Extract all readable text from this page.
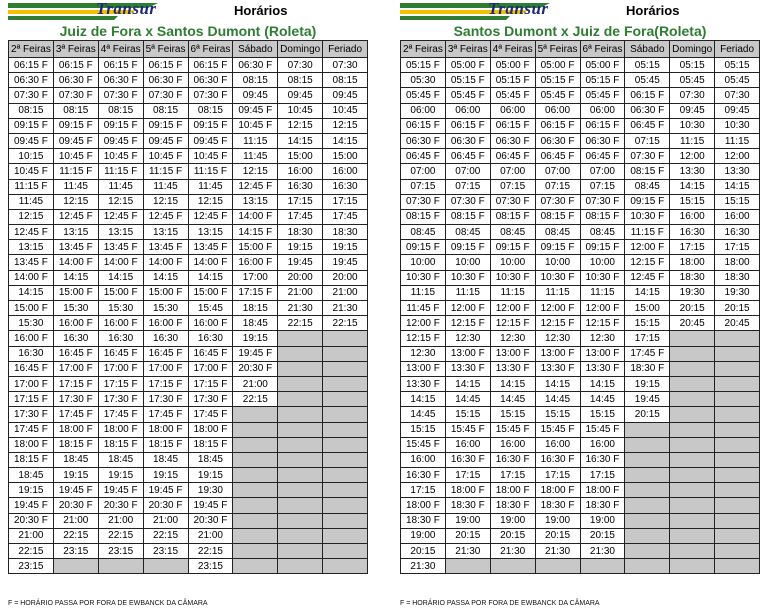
Transur	Horários
Juiz de Fora x Santos Dumont (Roleta)
2ª Feiras	3ª Feiras	4ª Feiras	5ª Feiras	6ª Feiras	Sábado	Domingo	Feriado
06:15 F	06:15 F	06:15 F	06:15 F	06:15 F	06:30 F	07:30	07:30
06:30 F	06:30 F	06:30 F	06:30 F	06:30 F	08:15	08:15	08:15
07:30 F	07:30 F	07:30 F	07:30 F	07:30 F	09:45	09:45	09:45
08:15	08:15	08:15	08:15	08:15	09:45 F	10:45	10:45
09:15 F	09:15 F	09:15 F	09:15 F	09:15 F	10:45 F	12:15	12:15
09:45 F	09:45 F	09:45 F	09:45 F	09:45 F	11:15	14:15	14:15
10:15	10:45 F	10:45 F	10:45 F	10:45 F	11:45	15:00	15:00
10:45 F	11:15 F	11:15 F	11:15 F	11:15 F	12:15	16:00	16:00
11:15 F	11:45	11:45	11:45	11:45	12:45 F	16:30	16:30
11:45	12:15	12:15	12:15	12:15	13:15	17:15	17:15
12:15	12:45 F	12:45 F	12:45 F	12:45 F	14:00 F	17:45	17:45
12:45 F	13:15	13:15	13:15	13:15	14:15 F	18:30	18:30
13:15	13:45 F	13:45 F	13:45 F	13:45 F	15:00 F	19:15	19:15
13:45 F	14:00 F	14:00 F	14:00 F	14:00 F	16:00 F	19:45	19:45
14:00 F	14:15	14:15	14:15	14:15	17:00	20:00	20:00
14:15	15:00 F	15:00 F	15:00 F	15:00 F	17:15 F	21:00	21:00
15:00 F	15:30	15:30	15:30	15:45	18:15	21:30	21:30
15:30	16:00 F	16:00 F	16:00 F	16:00 F	18:45	22:15	22:15
16:00 F	16:30	16:30	16:30	16:30	19:15		
16:30	16:45 F	16:45 F	16:45 F	16:45 F	19:45 F		
16:45 F	17:00 F	17:00 F	17:00 F	17:00 F	20:30 F		
17:00 F	17:15 F	17:15 F	17:15 F	17:15 F	21:00		
17:15 F	17:30 F	17:30 F	17:30 F	17:30 F	22:15		
17:30 F	17:45 F	17:45 F	17:45 F	17:45 F			
17:45 F	18:00 F	18:00 F	18:00 F	18:00 F			
18:00 F	18:15 F	18:15 F	18:15 F	18:15 F			
18:15 F	18:45	18:45	18:45	18:45			
18:45	19:15	19:15	19:15	19:15			
19:15	19:45 F	19:45 F	19:45 F	19:30			
19:45 F	20:30 F	20:30 F	20:30 F	19:45 F			
20:30 F	21:00	21:00	21:00	20:30 F			
21:00	22:15	22:15	22:15	21:00			
22:15	23:15	23:15	23:15	22:15			
23:15				23:15			

Transur	Horários
Santos Dumont x Juiz de Fora(Roleta)
2ª Feiras	3ª Feiras	4ª Feiras	5ª Feiras	6ª Feiras	Sábado	Domingo	Feriado
05:15 F	05:00 F	05:00 F	05:00 F	05:00 F	05:15	05:15	05:15
05:30	05:15 F	05:15 F	05:15 F	05:15 F	05:45	05:45	05:45
05:45 F	05:45 F	05:45 F	05:45 F	05:45 F	06:15 F	07:30	07:30
06:00	06:00	06:00	06:00	06:00	06:30 F	09:45	09:45
06:15 F	06:15 F	06:15 F	06:15 F	06:15 F	06:45 F	10:30	10:30
06:30 F	06:30 F	06:30 F	06:30 F	06:30 F	07:15	11:15	11:15
06:45 F	06:45 F	06:45 F	06:45 F	06:45 F	07:30 F	12:00	12:00
07:00	07:00	07:00	07:00	07:00	08:15 F	13:30	13:30
07:15	07:15	07:15	07:15	07:15	08:45	14:15	14:15
07:30 F	07:30 F	07:30 F	07:30 F	07:30 F	09:15 F	15:15	15:15
08:15 F	08:15 F	08:15 F	08:15 F	08:15 F	10:30 F	16:00	16:00
08:45	08:45	08:45	08:45	08:45	11:15 F	16:30	16:30
09:15 F	09:15 F	09:15 F	09:15 F	09:15 F	12:00 F	17:15	17:15
10:00	10:00	10:00	10:00	10:00	12:15 F	18:00	18:00
10:30 F	10:30 F	10:30 F	10:30 F	10:30 F	12:45 F	18:30	18:30
11:15	11:15	11:15	11:15	11:15	14:15	19:30	19:30
11:45 F	12:00 F	12:00 F	12:00 F	12:00 F	15:00	20:15	20:15
12:00 F	12:15 F	12:15 F	12:15 F	12:15 F	15:15	20:45	20:45
12:15 F	12:30	12:30	12:30	12:30	17:15		
12:30	13:00 F	13:00 F	13:00 F	13:00 F	17:45 F		
13:00 F	13:30 F	13:30 F	13:30 F	13:30 F	18:30 F		
13:30 F	14:15	14:15	14:15	14:15	19:15		
14:15	14:45	14:45	14:45	14:45	19:45		
14:45	15:15	15:15	15:15	15:15	20:15		
15:15	15:45 F	15:45 F	15:45 F	15:45 F			
15:45 F	16:00	16:00	16:00	16:00			
16:00	16:30 F	16:30 F	16:30 F	16:30 F			
16:30 F	17:15	17:15	17:15	17:15			
17:15	18:00 F	18:00 F	18:00 F	18:00 F			
18:00 F	18:30 F	18:30 F	18:30 F	18:30 F			
18:30 F	19:00	19:00	19:00	19:00			
19:00	20:15	20:15	20:15	20:15			
20:15	21:30	21:30	21:30	21:30			
21:30							

F = HORÁRIO PASSA POR FORA DE EWBANCK DA CÂMARA	F = HORÁRIO PASSA POR FORA DE EWBANCK DA CÂMARA
